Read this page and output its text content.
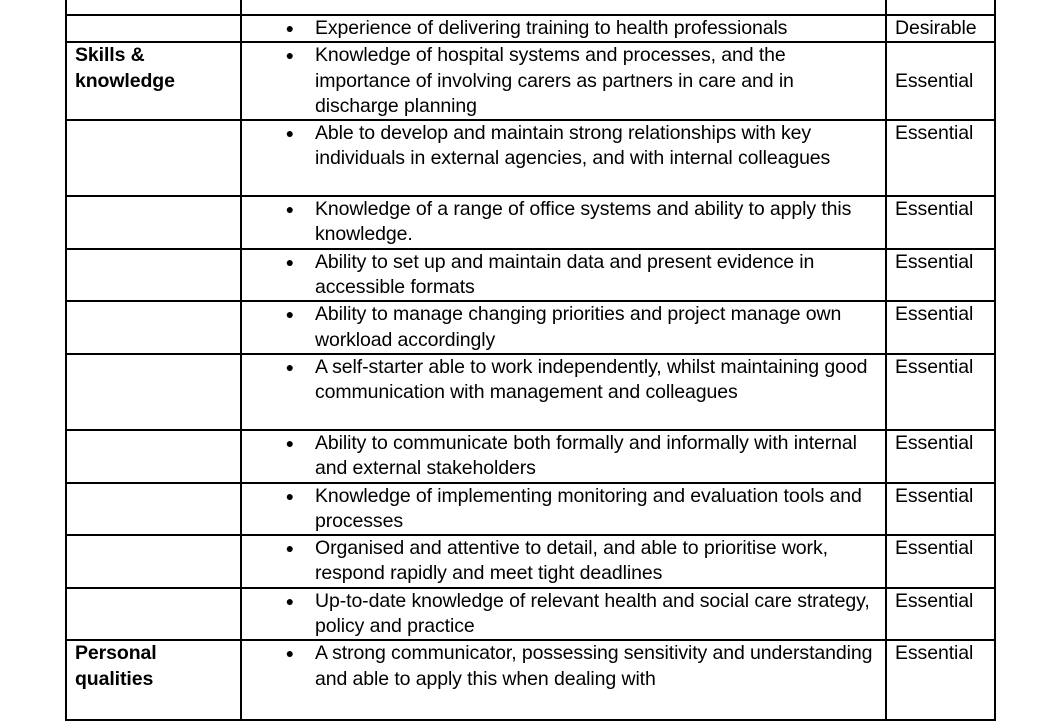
	● Experience of delivering training to health professionals	Desirable
Skills & knowledge	● Knowledge of hospital systems and processes, and the importance of involving carers as partners in care and in discharge planning	Essential

	● Able to develop and maintain strong relationships with key individuals in external agencies, and with internal colleagues	Essential

	● Knowledge of a range of office systems and ability to apply this knowledge.	Essential

	● Ability to set up and maintain data and present evidence in accessible formats	Essential

	● Ability to manage changing priorities and project manage own workload accordingly	Essential

	● A self-starter able to work independently, whilst maintaining good communication with management and colleagues	Essential

	● Ability to communicate both formally and informally with internal and external stakeholders	Essential

	● Knowledge of implementing monitoring and evaluation tools and processes	Essential

	● Organised and attentive to detail, and able to prioritise work, respond rapidly and meet tight deadlines	Essential

	● Up-to-date knowledge of relevant health and social care strategy, policy and practice	Essential
Personal qualities	● A strong communicator, possessing sensitivity and understanding and able to apply this when dealing with	Essential
